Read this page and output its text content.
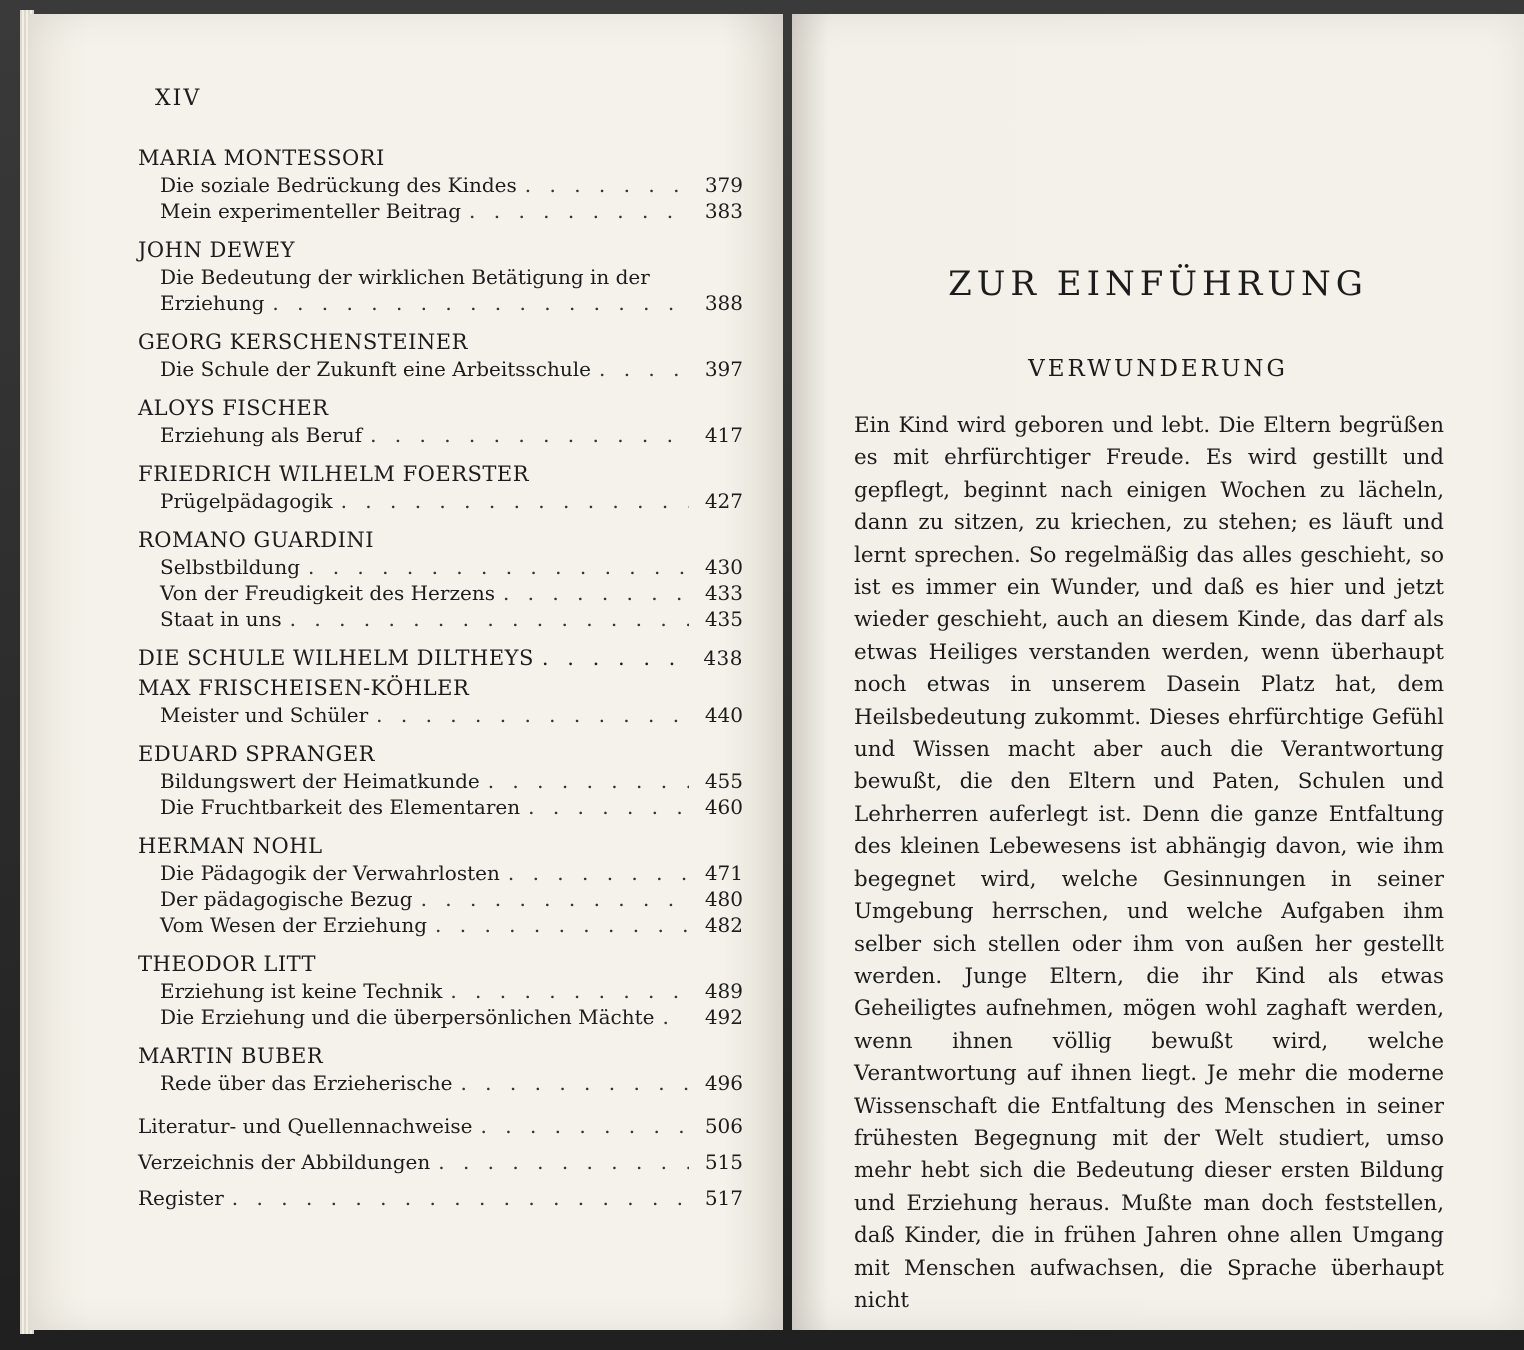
XIV
MARIA MONTESSORI
Die soziale Bedrückung des Kindes . . .	379
Mein experimenteller Beitrag . . .	383
JOHN DEWEY
Die Bedeutung der wirklichen Betätigung in der
Erziehung . . .	388
GEORG KERSCHENSTEINER
Die Schule der Zukunft eine Arbeitsschule . . .	397
ALOYS FISCHER
Erziehung als Beruf . . .	417
FRIEDRICH WILHELM FOERSTER
Prügelpädagogik . . .	427
ROMANO GUARDINI
Selbstbildung . . .	430
Von der Freudigkeit des Herzens . . .	433
Staat in uns . . .	435
DIE SCHULE WILHELM DILTHEYS . . .	438
MAX FRISCHEISEN-KÖHLER
Meister und Schüler . . .	440
EDUARD SPRANGER
Bildungswert der Heimatkunde . . .	455
Die Fruchtbarkeit des Elementaren . . .	460
HERMAN NOHL
Die Pädagogik der Verwahrlosten . . .	471
Der pädagogische Bezug . . .	480
Vom Wesen der Erziehung . . .	482
THEODOR LITT
Erziehung ist keine Technik . . .	489
Die Erziehung und die überpersönlichen Mächte . . .	492
MARTIN BUBER
Rede über das Erzieherische . . .	496
Literatur- und Quellennachweise . . .	506
Verzeichnis der Abbildungen . . .	515
Register . . .	517
ZUR EINFÜHRUNG
VERWUNDERUNG
Ein Kind wird geboren und lebt. Die Eltern begrüßen es mit ehrfürchtiger Freude. Es wird gestillt und gepflegt, beginnt nach einigen Wochen zu lächeln, dann zu sitzen, zu kriechen, zu stehen; es läuft und lernt sprechen. So regelmäßig das alles geschieht, so ist es immer ein Wunder, und daß es hier und jetzt wieder geschieht, auch an diesem Kinde, das darf als etwas Heiliges verstanden werden, wenn überhaupt noch etwas in unserem Dasein Platz hat, dem Heilsbedeutung zukommt. Dieses ehrfürchtige Gefühl und Wissen macht aber auch die Verantwortung bewußt, die den Eltern und Paten, Schulen und Lehrherren auferlegt ist. Denn die ganze Entfaltung des kleinen Lebewesens ist abhängig davon, wie ihm begegnet wird, welche Gesinnungen in seiner Umgebung herrschen, und welche Aufgaben ihm selber sich stellen oder ihm von außen her gestellt werden. Junge Eltern, die ihr Kind als etwas Geheiligtes aufnehmen, mögen wohl zaghaft werden, wenn ihnen völlig bewußt wird, welche Verantwortung auf ihnen liegt. Je mehr die moderne Wissenschaft die Entfaltung des Menschen in seiner frühesten Begegnung mit der Welt studiert, umso mehr hebt sich die Bedeutung dieser ersten Bildung und Erziehung heraus. Mußte man doch feststellen, daß Kinder, die in frühen Jahren ohne allen Umgang mit Menschen aufwachsen, die Sprache überhaupt nicht
